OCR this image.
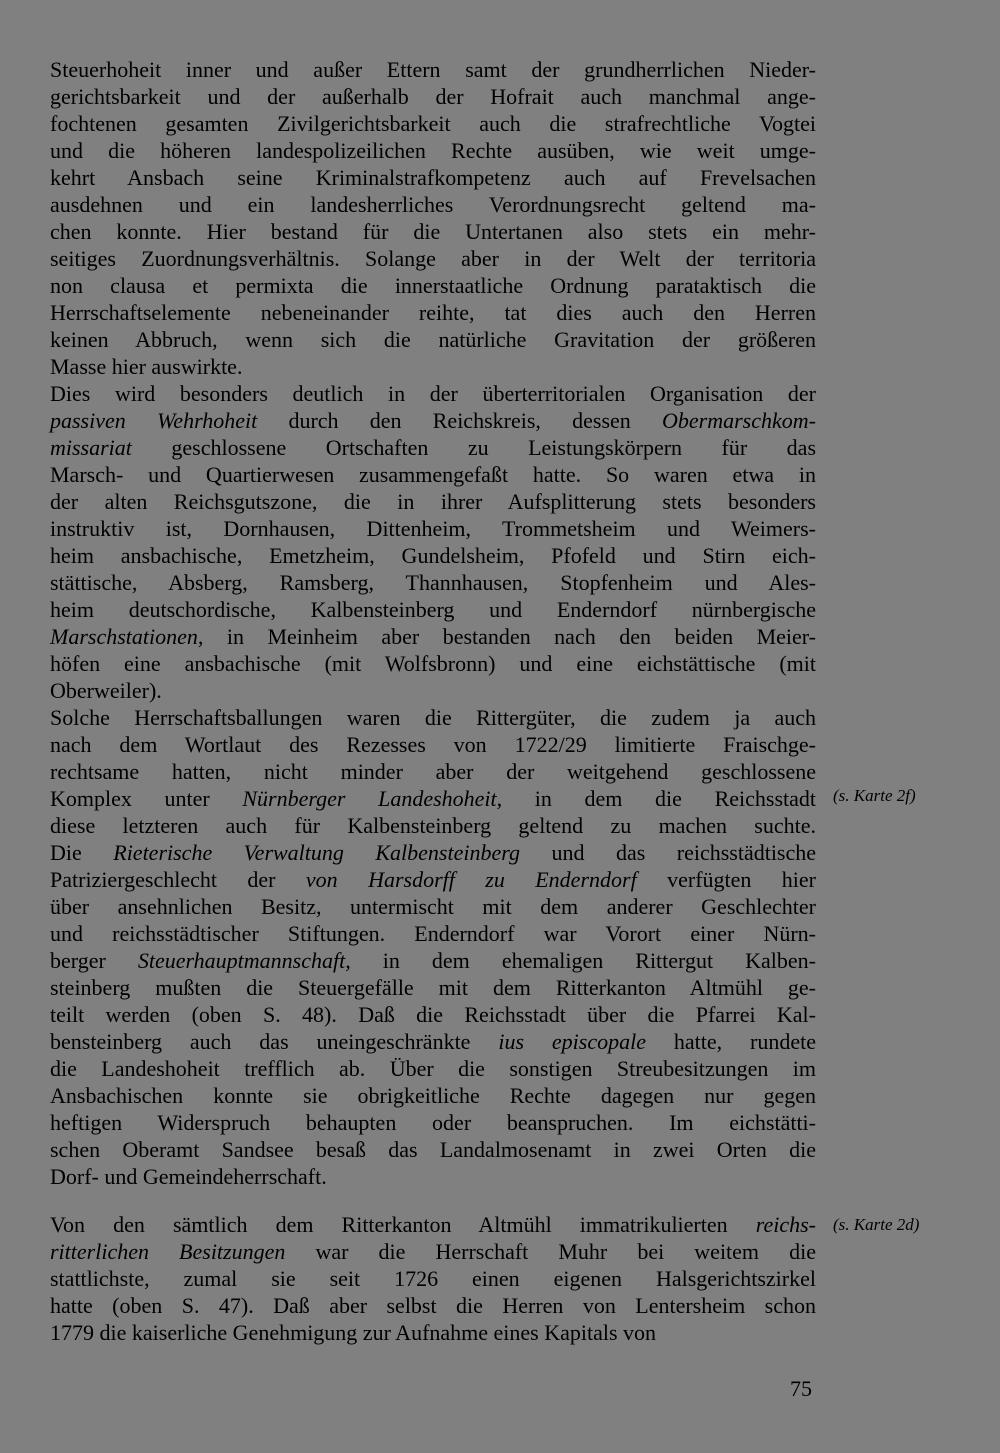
Steuerhoheit inner und außer Ettern samt der grundherrlichen Nieder-
gerichtsbarkeit und der außerhalb der Hofrait auch manchmal ange-
fochtenen gesamten Zivilgerichtsbarkeit auch die strafrechtliche Vogtei
und die höheren landespolizeilichen Rechte ausüben, wie weit umge-
kehrt Ansbach seine Kriminalstrafkompetenz auch auf Frevelsachen
ausdehnen und ein landesherrliches Verordnungsrecht geltend ma-
chen konnte. Hier bestand für die Untertanen also stets ein mehr-
seitiges Zuordnungsverhältnis. Solange aber in der Welt der territoria
non clausa et permixta die innerstaatliche Ordnung parataktisch die
Herrschaftselemente nebeneinander reihte, tat dies auch den Herren
keinen Abbruch, wenn sich die natürliche Gravitation der größeren
Masse hier auswirkte.
Dies wird besonders deutlich in der überterritorialen Organisation der
passiven Wehrhoheit durch den Reichskreis, dessen Obermarschkom-
missariat geschlossene Ortschaften zu Leistungskörpern für das
Marsch- und Quartierwesen zusammengefaßt hatte. So waren etwa in
der alten Reichsgutszone, die in ihrer Aufsplitterung stets besonders
instruktiv ist, Dornhausen, Dittenheim, Trommetsheim und Weimers-
heim ansbachische, Emetzheim, Gundelsheim, Pfofeld und Stirn eich-
stättische, Absberg, Ramsberg, Thannhausen, Stopfenheim und Ales-
heim deutschordische, Kalbensteinberg und Enderndorf nürnbergische
Marschstationen, in Meinheim aber bestanden nach den beiden Meier-
höfen eine ansbachische (mit Wolfsbronn) und eine eichstättische (mit
Oberweiler).
Solche Herrschaftsballungen waren die Rittergüter, die zudem ja auch
nach dem Wortlaut des Rezesses von 1722/29 limitierte Fraischge-
rechtsame hatten, nicht minder aber der weitgehend geschlossene
Komplex unter Nürnberger Landeshoheit, in dem die Reichsstadt
diese letzteren auch für Kalbensteinberg geltend zu machen suchte.
Die Rieterische Verwaltung Kalbensteinberg und das reichsstädtische
Patriziergeschlecht der von Harsdorff zu Enderndorf verfügten hier
über ansehnlichen Besitz, untermischt mit dem anderer Geschlechter
und reichsstädtischer Stiftungen. Enderndorf war Vorort einer Nürn-
berger Steuerhauptmannschaft, in dem ehemaligen Rittergut Kalben-
steinberg mußten die Steuergefälle mit dem Ritterkanton Altmühl ge-
teilt werden (oben S. 48). Daß die Reichsstadt über die Pfarrei Kal-
bensteinberg auch das uneingeschränkte ius episcopale hatte, rundete
die Landeshoheit trefflich ab. Über die sonstigen Streubesitzungen im
Ansbachischen konnte sie obrigkeitliche Rechte dagegen nur gegen
heftigen Widerspruch behaupten oder beanspruchen. Im eichstätti-
schen Oberamt Sandsee besaß das Landalmosenamt in zwei Orten die
Dorf- und Gemeindeherrschaft.
Von den sämtlich dem Ritterkanton Altmühl immatrikulierten reichs-
ritterlichen Besitzungen war die Herrschaft Muhr bei weitem die
stattlichste, zumal sie seit 1726 einen eigenen Halsgerichtszirkel
hatte (oben S. 47). Daß aber selbst die Herren von Lentersheim schon
1779 die kaiserliche Genehmigung zur Aufnahme eines Kapitals von
(s. Karte 2f)
(s. Karte 2d)
75
